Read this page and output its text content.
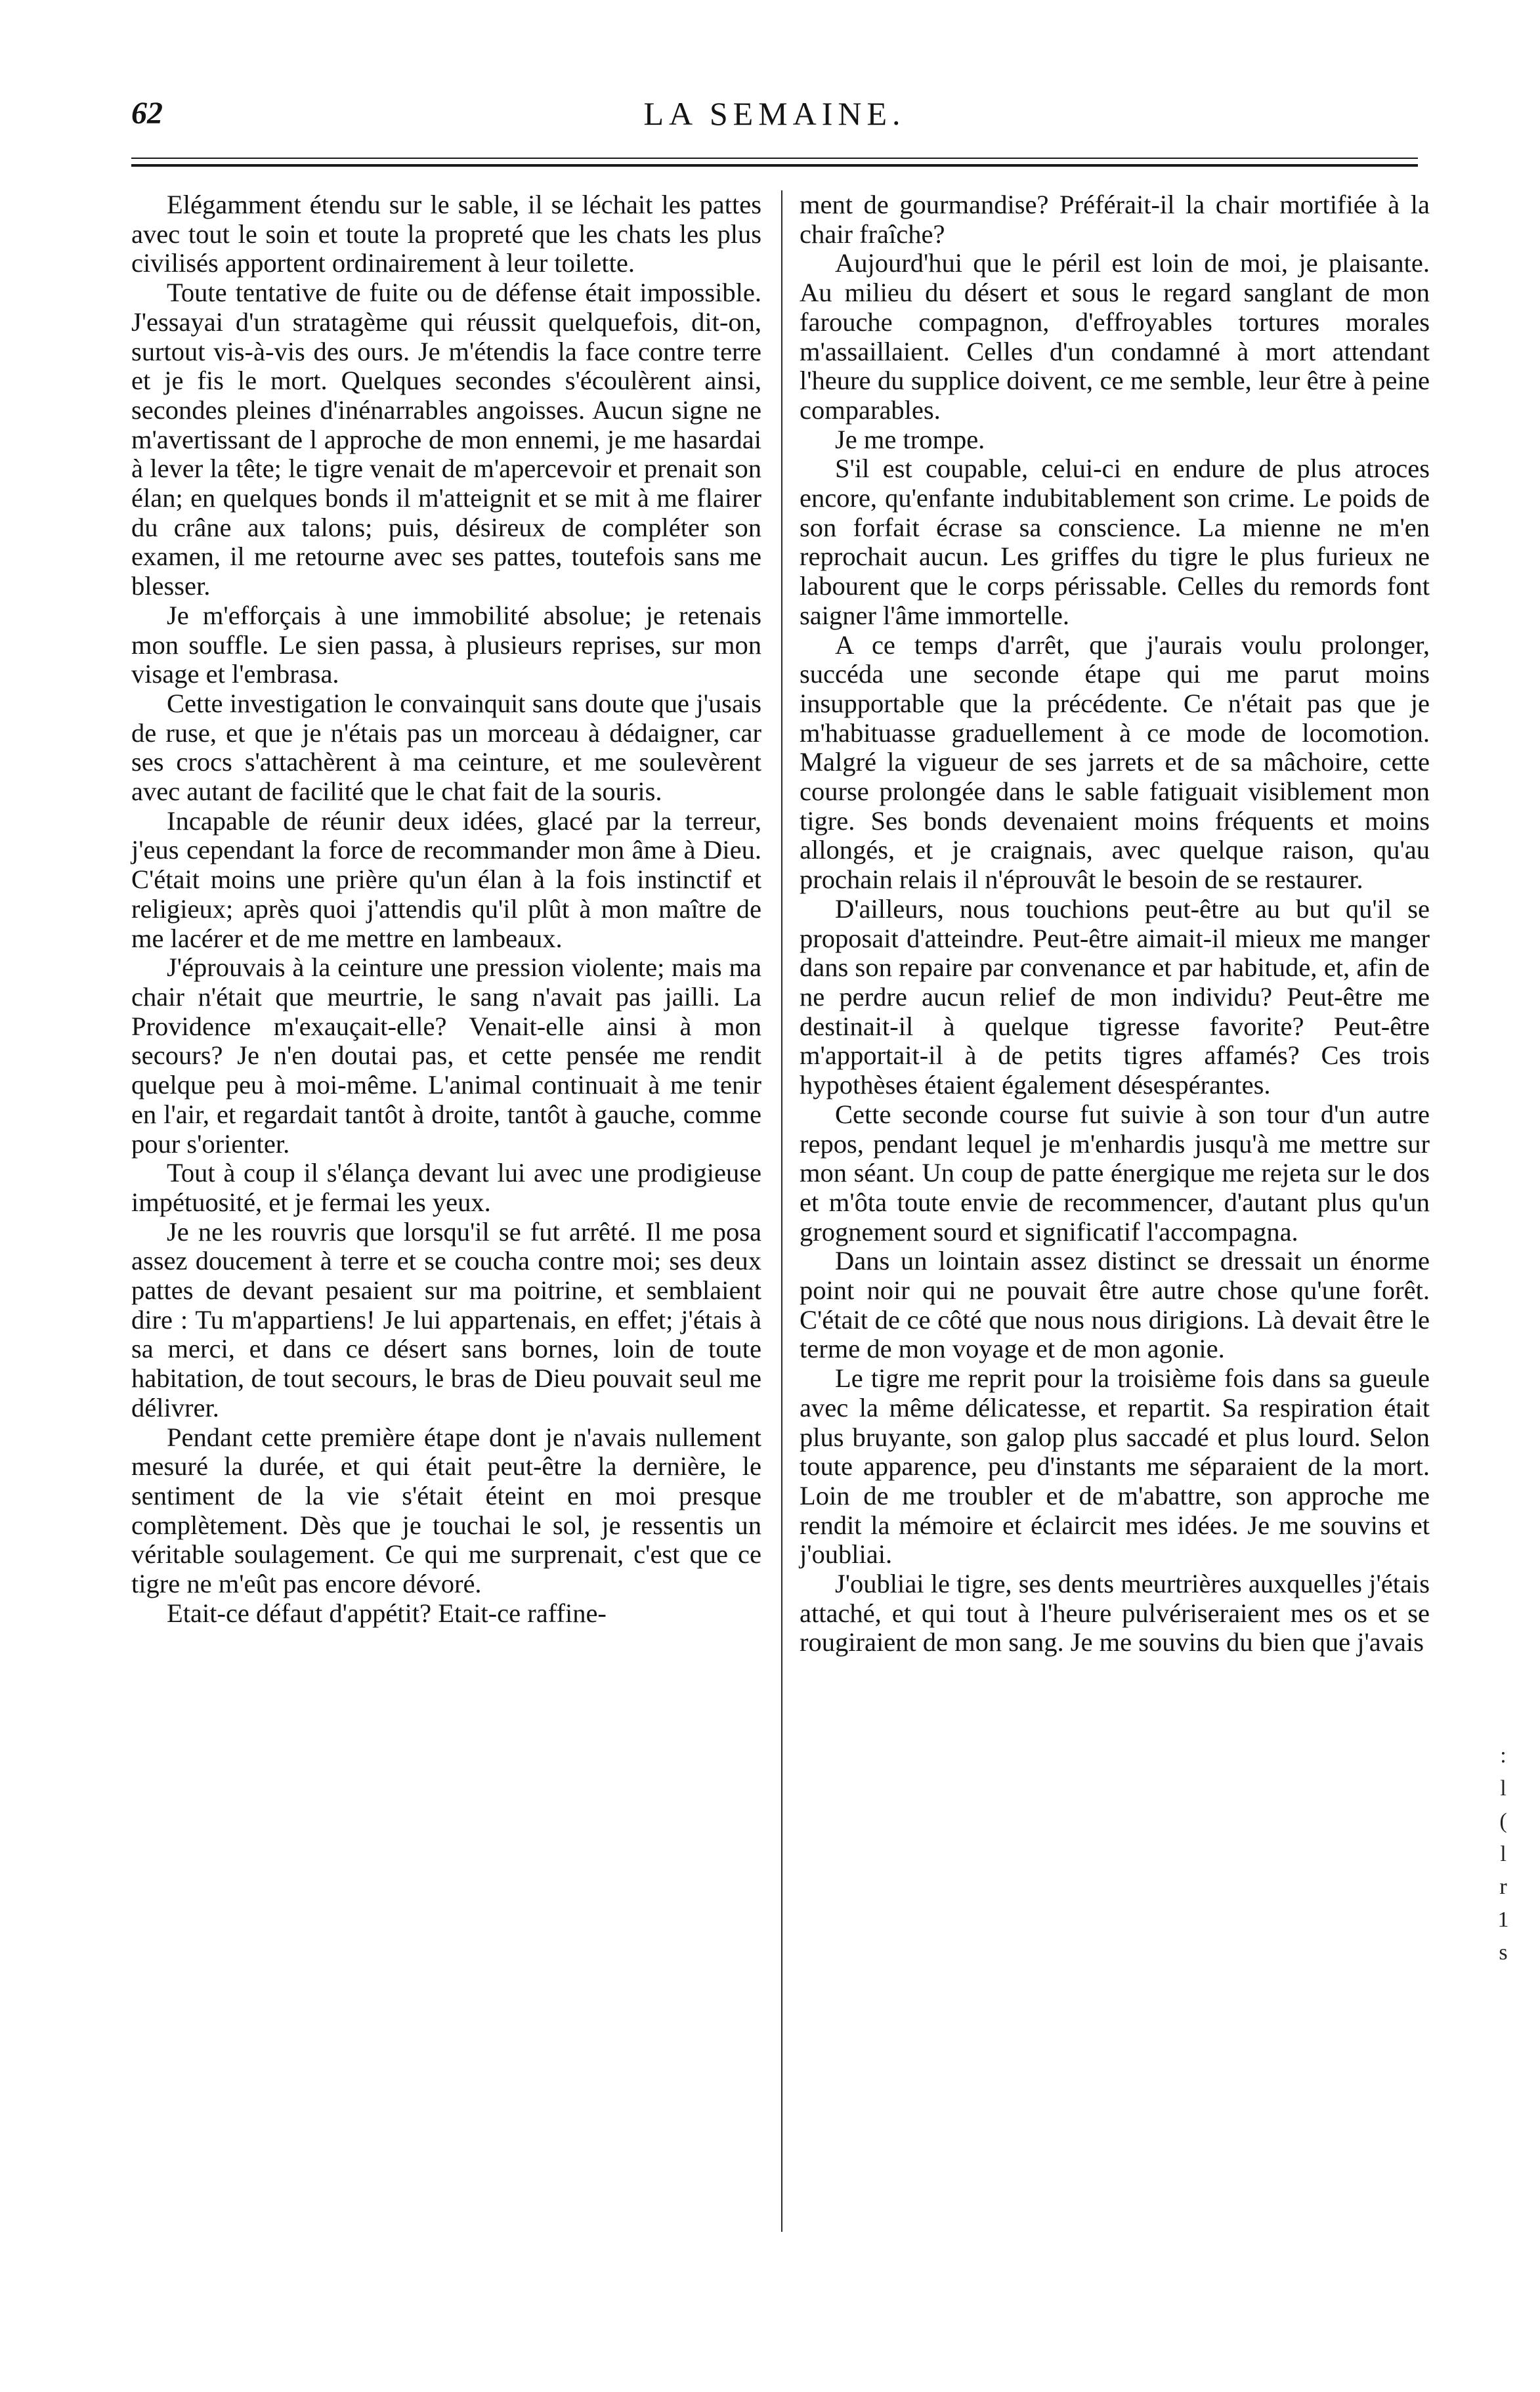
62	LA SEMAINE.

Elégamment étendu sur le sable, il se léchait les pattes avec tout le soin et toute la propreté que les chats les plus civilisés apportent ordinairement à leur toilette.

Toute tentative de fuite ou de défense était impossible. J'essayai d'un stratagème qui réussit quelquefois, dit-on, surtout vis-à-vis des ours. Je m'étendis la face contre terre et je fis le mort. Quelques secondes s'écoulèrent ainsi, secondes pleines d'inénarrables angoisses. Aucun signe ne m'avertissant de l approche de mon ennemi, je me hasardai à lever la tête; le tigre venait de m'apercevoir et prenait son élan; en quelques bonds il m'atteignit et se mit à me flairer du crâne aux talons; puis, désireux de compléter son examen, il me retourne avec ses pattes, toutefois sans me blesser.

Je m'efforçais à une immobilité absolue; je retenais mon souffle. Le sien passa, à plusieurs reprises, sur mon visage et l'embrasa.

Cette investigation le convainquit sans doute que j'usais de ruse, et que je n'étais pas un morceau à dédaigner, car ses crocs s'attachèrent à ma ceinture, et me soulevèrent avec autant de facilité que le chat fait de la souris.

Incapable de réunir deux idées, glacé par la terreur, j'eus cependant la force de recommander mon âme à Dieu. C'était moins une prière qu'un élan à la fois instinctif et religieux; après quoi j'attendis qu'il plût à mon maître de me lacérer et de me mettre en lambeaux.

J'éprouvais à la ceinture une pression violente; mais ma chair n'était que meurtrie, le sang n'avait pas jailli. La Providence m'exauçait-elle? Venait-elle ainsi à mon secours? Je n'en doutai pas, et cette pensée me rendit quelque peu à moi-même. L'animal continuait à me tenir en l'air, et regardait tantôt à droite, tantôt à gauche, comme pour s'orienter.

Tout à coup il s'élança devant lui avec une prodigieuse impétuosité, et je fermai les yeux.

Je ne les rouvris que lorsqu'il se fut arrêté. Il me posa assez doucement à terre et se coucha contre moi; ses deux pattes de devant pesaient sur ma poitrine, et semblaient dire : Tu m'appartiens! Je lui appartenais, en effet; j'étais à sa merci, et dans ce désert sans bornes, loin de toute habitation, de tout secours, le bras de Dieu pouvait seul me délivrer.

Pendant cette première étape dont je n'avais nullement mesuré la durée, et qui était peut-être la dernière, le sentiment de la vie s'était éteint en moi presque complètement. Dès que je touchai le sol, je ressentis un véritable soulagement. Ce qui me surprenait, c'est que ce tigre ne m'eût pas encore dévoré.

Etait-ce défaut d'appétit? Etait-ce raffine-

ment de gourmandise? Préférait-il la chair mortifiée à la chair fraîche?

Aujourd'hui que le péril est loin de moi, je plaisante. Au milieu du désert et sous le regard sanglant de mon farouche compagnon, d'effroyables tortures morales m'assaillaient. Celles d'un condamné à mort attendant l'heure du supplice doivent, ce me semble, leur être à peine comparables.

Je me trompe.

S'il est coupable, celui-ci en endure de plus atroces encore, qu'enfante indubitablement son crime. Le poids de son forfait écrase sa conscience. La mienne ne m'en reprochait aucun. Les griffes du tigre le plus furieux ne labourent que le corps périssable. Celles du remords font saigner l'âme immortelle.

A ce temps d'arrêt, que j'aurais voulu prolonger, succéda une seconde étape qui me parut moins insupportable que la précédente. Ce n'était pas que je m'habituasse graduellement à ce mode de locomotion. Malgré la vigueur de ses jarrets et de sa mâchoire, cette course prolongée dans le sable fatiguait visiblement mon tigre. Ses bonds devenaient moins fréquents et moins allongés, et je craignais, avec quelque raison, qu'au prochain relais il n'éprouvât le besoin de se restaurer.

D'ailleurs, nous touchions peut-être au but qu'il se proposait d'atteindre. Peut-être aimait-il mieux me manger dans son repaire par convenance et par habitude, et, afin de ne perdre aucun relief de mon individu? Peut-être me destinait-il à quelque tigresse favorite? Peut-être m'apportait-il à de petits tigres affamés? Ces trois hypothèses étaient également désespérantes.

Cette seconde course fut suivie à son tour d'un autre repos, pendant lequel je m'enhardis jusqu'à me mettre sur mon séant. Un coup de patte énergique me rejeta sur le dos et m'ôta toute envie de recommencer, d'autant plus qu'un grognement sourd et significatif l'accompagna.

Dans un lointain assez distinct se dressait un énorme point noir qui ne pouvait être autre chose qu'une forêt. C'était de ce côté que nous nous dirigions. Là devait être le terme de mon voyage et de mon agonie.

Le tigre me reprit pour la troisième fois dans sa gueule avec la même délicatesse, et repartit. Sa respiration était plus bruyante, son galop plus saccadé et plus lourd. Selon toute apparence, peu d'instants me séparaient de la mort. Loin de me troubler et de m'abattre, son approche me rendit la mémoire et éclaircit mes idées. Je me souvins et j'oubliai.

J'oubliai le tigre, ses dents meurtrières auxquelles j'étais attaché, et qui tout à l'heure pulvériseraient mes os et se rougiraient de mon sang. Je me souvins du bien que j'avais

:
l
(
l
r
1
s
